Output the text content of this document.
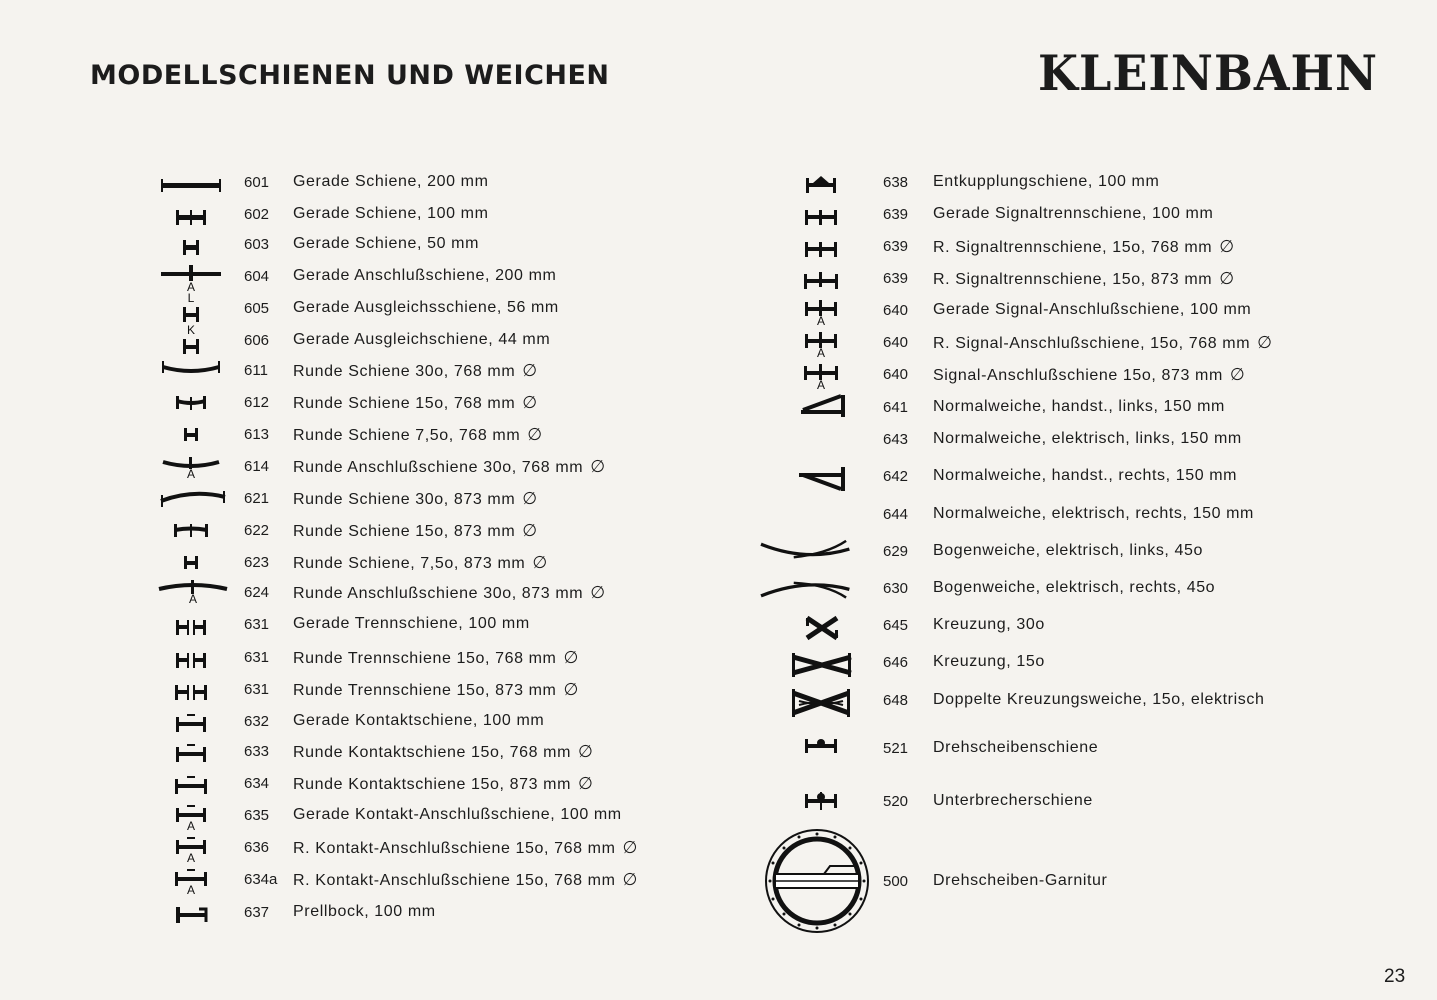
MODELLSCHIENEN UND WEICHEN	KLEINBAHN
601 Gerade Schiene, 200 mm
602 Gerade Schiene, 100 mm
603 Gerade Schiene, 50 mm
A
604 Gerade Anschlußschiene, 200 mm
L
605 Gerade Ausgleichsschiene, 56 mm
K
606 Gerade Ausgleichschiene, 44 mm
611 Runde Schiene 30o, 768 mm ∅
612 Runde Schiene 15o, 768 mm ∅
613 Runde Schiene 7,5o, 768 mm ∅
A	614 Runde Anschlußschiene 30o, 768 mm ∅
621 Runde Schiene 30o, 873 mm ∅
622 Runde Schiene 15o, 873 mm ∅
623 Runde Schiene, 7,5o, 873 mm ∅
A	624 Runde Anschlußschiene 30o, 873 mm ∅
631 Gerade Trennschiene, 100 mm
631 Runde Trennschiene 15o, 768 mm ∅
631 Runde Trennschiene 15o, 873 mm ∅
632 Gerade Kontaktschiene, 100 mm
633 Runde Kontaktschiene 15o, 768 mm ∅
634 Runde Kontaktschiene 15o, 873 mm ∅
A
635 Gerade Kontakt-Anschlußschiene, 100 mm
A
636 R. Kontakt-Anschlußschiene 15o, 768 mm ∅
A
634a R. Kontakt-Anschlußschiene 15o, 768 mm ∅
637 Prellbock, 100 mm
638 Entkupplungschiene, 100 mm
639 Gerade Signaltrennschiene, 100 mm
639 R. Signaltrennschiene, 15o, 768 mm ∅
639 R. Signaltrennschiene, 15o, 873 mm ∅
A
640 Gerade Signal-Anschlußschiene, 100 mm
A
640 R. Signal-Anschlußschiene, 15o, 768 mm ∅
A
640 Signal-Anschlußschiene 15o, 873 mm ∅
641 Normalweiche, handst., links, 150 mm
643 Normalweiche, elektrisch, links, 150 mm
642 Normalweiche, handst., rechts, 150 mm
644 Normalweiche, elektrisch, rechts, 150 mm
629 Bogenweiche, elektrisch, links, 45o
630 Bogenweiche, elektrisch, rechts, 45o
645 Kreuzung, 30o
646 Kreuzung, 15o
648 Doppelte Kreuzungsweiche, 15o, elektrisch
521 Drehscheibenschiene
520 Unterbrecherschiene
500 Drehscheiben-Garnitur
23
